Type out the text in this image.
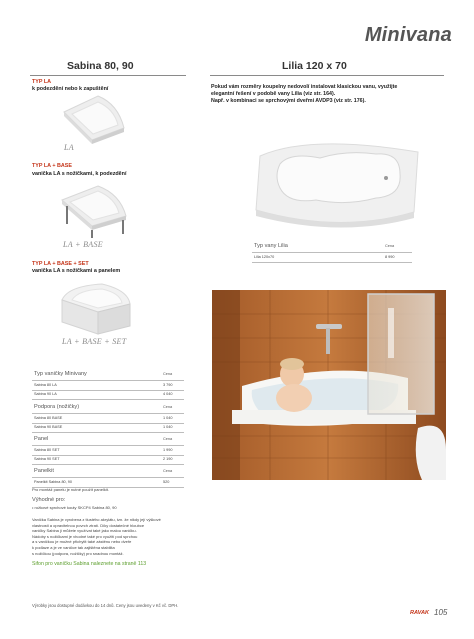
Minivana
Sabina 80, 90	Lilia 120 x 70
TYP LA
k podezdění nebo k zapuštění
LA
TYP LA + BASE
vanička LA s nožičkami, k podezdění
LA + BASE
TYP LA + BASE + SET
vanička LA s nožičkami a panelem
LA + BASE + SET
Typ vaničky Minivany	Cena
Sabina 80 LA	3 790
Sabina 90 LA	4 040
Podpora (nožičky)	Cena
Sabina 80 BASE	1 040
Sabina 90 BASE	1 040
Panel	Cena
Sabina 80 SET	1 990
Sabina 90 SET	2 190
Panelkit	Cena
Panelkit Sabina 80, 90	520
Pro montáž panelu je nutné použít panelkit.
Výhodné pro:
• rožkové sprchové kouty SKCP4 Sabina 80, 90
Vanička Sabina je vyrobena z tlustého akrylátu, tzn. že nikdy její výškové
vlastnosti a opravitelnou povrch ztratí. Díky dostatečné hloubce
vaničky Sabina ji můžete využívat také jako malou vaničku.
Nádoby s nožičkami je vhodné také pro využití pod sprchou
a s vaničkou je možné přichytit také zástěnu nebo dveře
k podlaze a je ve vaničce tak zajištěna stabilita
s nožičkou (podpora, nožičky) pro snadnou montáž.
Sifon pro vaničku Sabina naleznete na straně 113
Pokud vám rozměry koupelny nedovolí instalovat klasickou vanu, využijte
elegantní řešení v podobě vany Lilia (viz str. 164).
Např. v kombinaci se sprchovými dveřmi AVDP3 (viz str. 176).
Typ vany Lilia	Cena
Lilia 120x70	8 990
Výrobky jsou dostupné dodávkou do 14 dnů. Ceny jsou uvedeny v Kč vč. DPH.
RAVAK 105
